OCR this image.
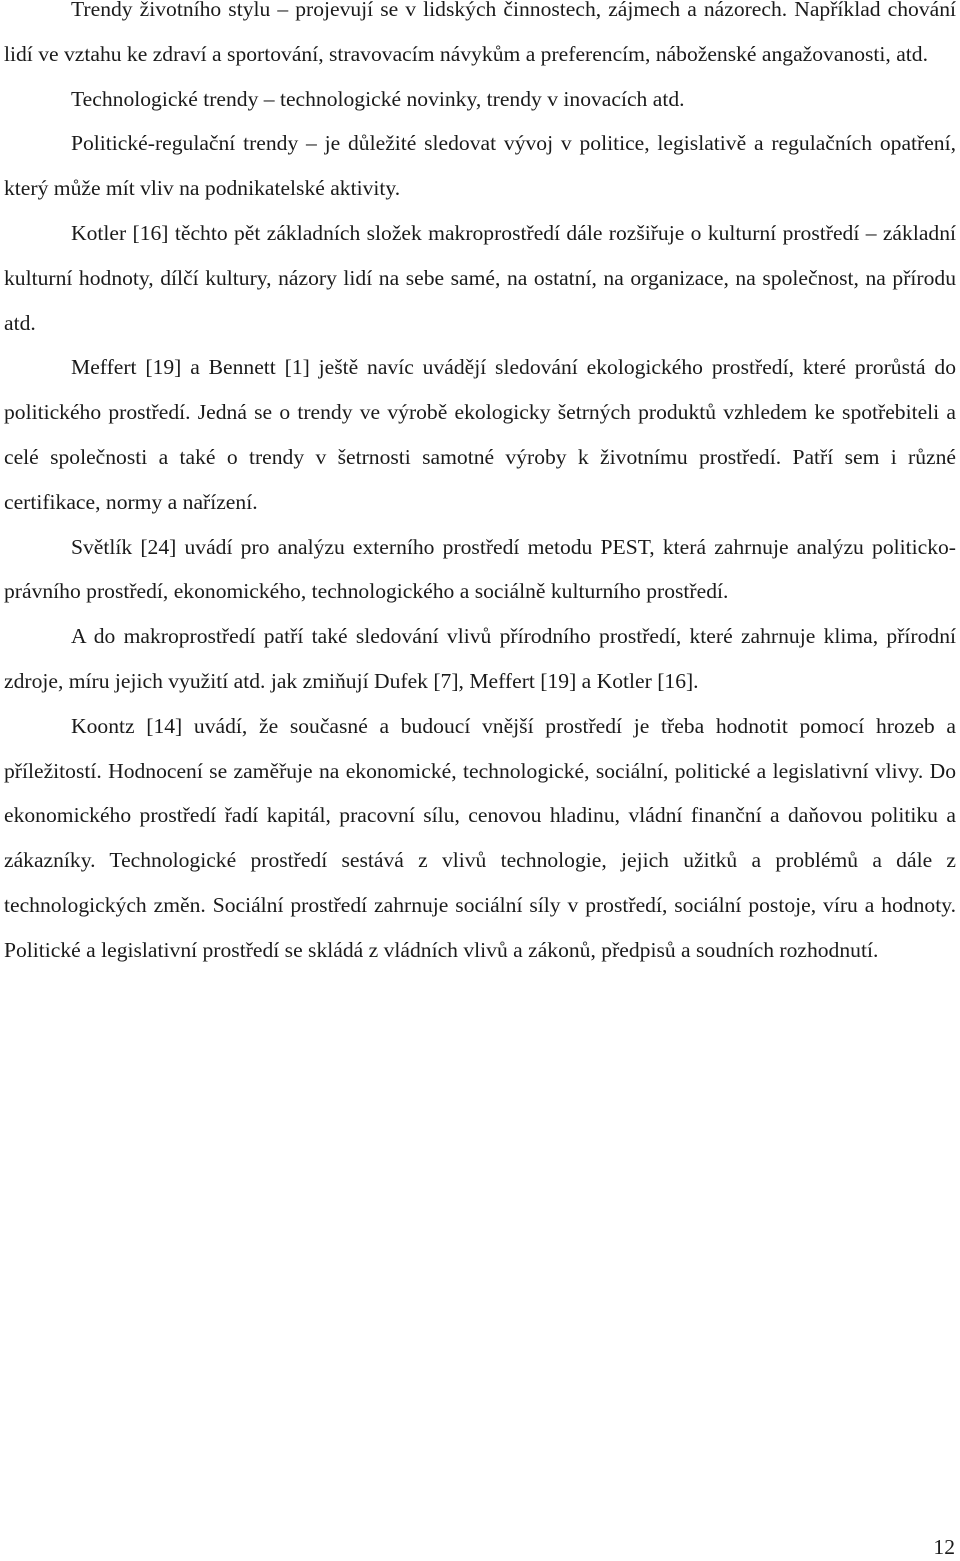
Trendy životního stylu – projevují se v lidských činnostech, zájmech a názorech. Například chování lidí ve vztahu ke zdraví a sportování, stravovacím návykům a preferencím, náboženské angažovanosti, atd.

Technologické trendy – technologické novinky, trendy v inovacích atd.

Politické-regulační trendy – je důležité sledovat vývoj v politice, legislativě a regulačních opatření, který může mít vliv na podnikatelské aktivity.

Kotler [16] těchto pět základních složek makroprostředí dále rozšiřuje o kulturní prostředí – základní kulturní hodnoty, dílčí kultury, názory lidí na sebe samé, na ostatní, na organizace, na společnost, na přírodu atd.

Meffert [19] a Bennett [1] ještě navíc uvádějí sledování ekologického prostředí, které prorůstá do politického prostředí. Jedná se o trendy ve výrobě ekologicky šetrných produktů vzhledem ke spotřebiteli a celé společnosti a také o trendy v šetrnosti samotné výroby k životnímu prostředí. Patří sem i různé certifikace, normy a nařízení.

Světlík [24] uvádí pro analýzu externího prostředí metodu PEST, která zahrnuje analýzu politicko-právního prostředí, ekonomického, technologického a sociálně kulturního prostředí.

A do makroprostředí patří také sledování vlivů přírodního prostředí, které zahrnuje klima, přírodní zdroje, míru jejich využití atd. jak zmiňují Dufek [7], Meffert [19] a Kotler [16].

Koontz [14] uvádí, že současné a budoucí vnější prostředí je třeba hodnotit pomocí hrozeb a příležitostí. Hodnocení se zaměřuje na ekonomické, technologické, sociální, politické a legislativní vlivy. Do ekonomického prostředí řadí kapitál, pracovní sílu, cenovou hladinu, vládní finanční a daňovou politiku a zákazníky. Technologické prostředí sestává z vlivů technologie, jejich užitků a problémů a dále z technologických změn. Sociální prostředí zahrnuje sociální síly v prostředí, sociální postoje, víru a hodnoty. Politické a legislativní prostředí se skládá z vládních vlivů a zákonů, předpisů a soudních rozhodnutí.

12
